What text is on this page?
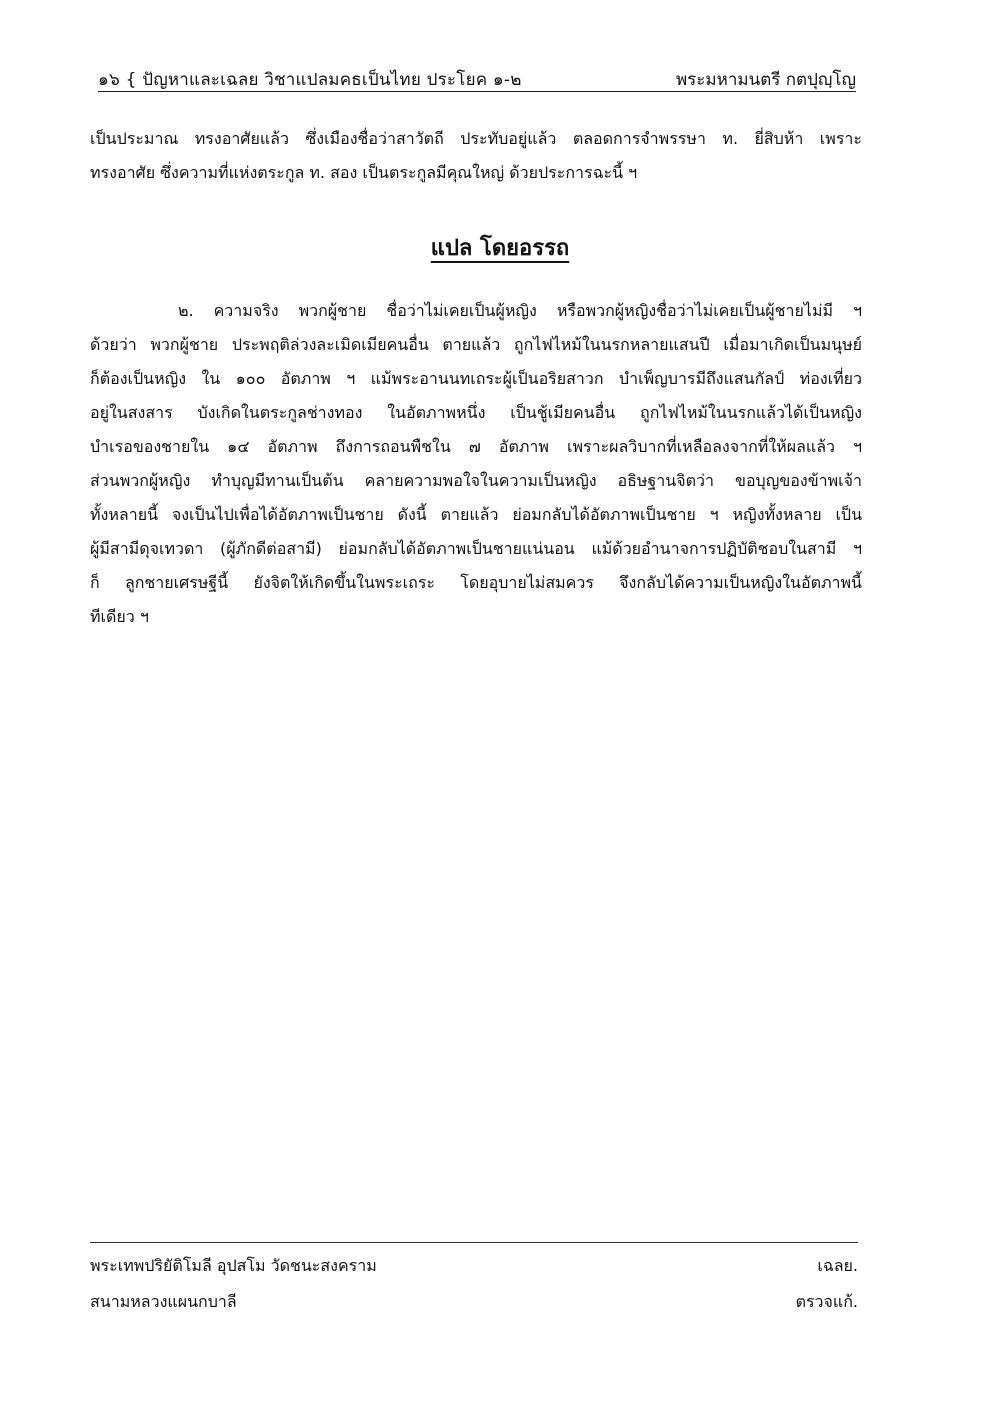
๑๖ { ปัญหาและเฉลย วิชาแปลมคธเป็นไทย ประโยค ๑-๒	พระมหามนตรี กตปุญฺโญ
เป็นประมาณ ทรงอาศัยแล้ว ซึ่งเมืองชื่อว่าสาวัตถี ประทับอยู่แล้ว ตลอดการจำพรรษา ท. ยี่สิบห้า เพราะ
ทรงอาศัย ซึ่งความที่แห่งตระกูล ท. สอง เป็นตระกูลมีคุณใหญ่ ด้วยประการฉะนี้ ฯ
แปล โดยอรรถ
๒. ความจริง พวกผู้ชาย ชื่อว่าไม่เคยเป็นผู้หญิง หรือพวกผู้หญิงชื่อว่าไม่เคยเป็นผู้ชายไม่มี ฯ
ด้วยว่า พวกผู้ชาย ประพฤติล่วงละเมิดเมียคนอื่น ตายแล้ว ถูกไฟไหม้ในนรกหลายแสนปี เมื่อมาเกิดเป็นมนุษย์
ก็ต้องเป็นหญิง ใน ๑๐๐ อัตภาพ ฯ แม้พระอานนทเถระผู้เป็นอริยสาวก บำเพ็ญบารมีถึงแสนกัลป์ ท่องเที่ยว
อยู่ในสงสาร บังเกิดในตระกูลช่างทอง ในอัตภาพหนึ่ง เป็นชู้เมียคนอื่น ถูกไฟไหม้ในนรกแล้วได้เป็นหญิง
บำเรอของชายใน ๑๔ อัตภาพ ถึงการถอนพืชใน ๗ อัตภาพ เพราะผลวิบากที่เหลือลงจากที่ให้ผลแล้ว ฯ
ส่วนพวกผู้หญิง ทำบุญมีทานเป็นต้น คลายความพอใจในความเป็นหญิง อธิษฐานจิตว่า ขอบุญของข้าพเจ้า
ทั้งหลายนี้ จงเป็นไปเพื่อได้อัตภาพเป็นชาย ดังนี้ ตายแล้ว ย่อมกลับได้อัตภาพเป็นชาย ฯ หญิงทั้งหลาย เป็น
ผู้มีสามีดุจเทวดา (ผู้ภักดีต่อสามี) ย่อมกลับได้อัตภาพเป็นชายแน่นอน แม้ด้วยอำนาจการปฏิบัติชอบในสามี ฯ
ก็ ลูกชายเศรษฐีนี้ ยังจิตให้เกิดขึ้นในพระเถระ โดยอุบายไม่สมควร จึงกลับได้ความเป็นหญิงในอัตภาพนี้
ทีเดียว ฯ
พระเทพปริยัติโมลี อุปสโม วัดชนะสงคราม	เฉลย.
สนามหลวงแผนกบาลี	ตรวจแก้.
